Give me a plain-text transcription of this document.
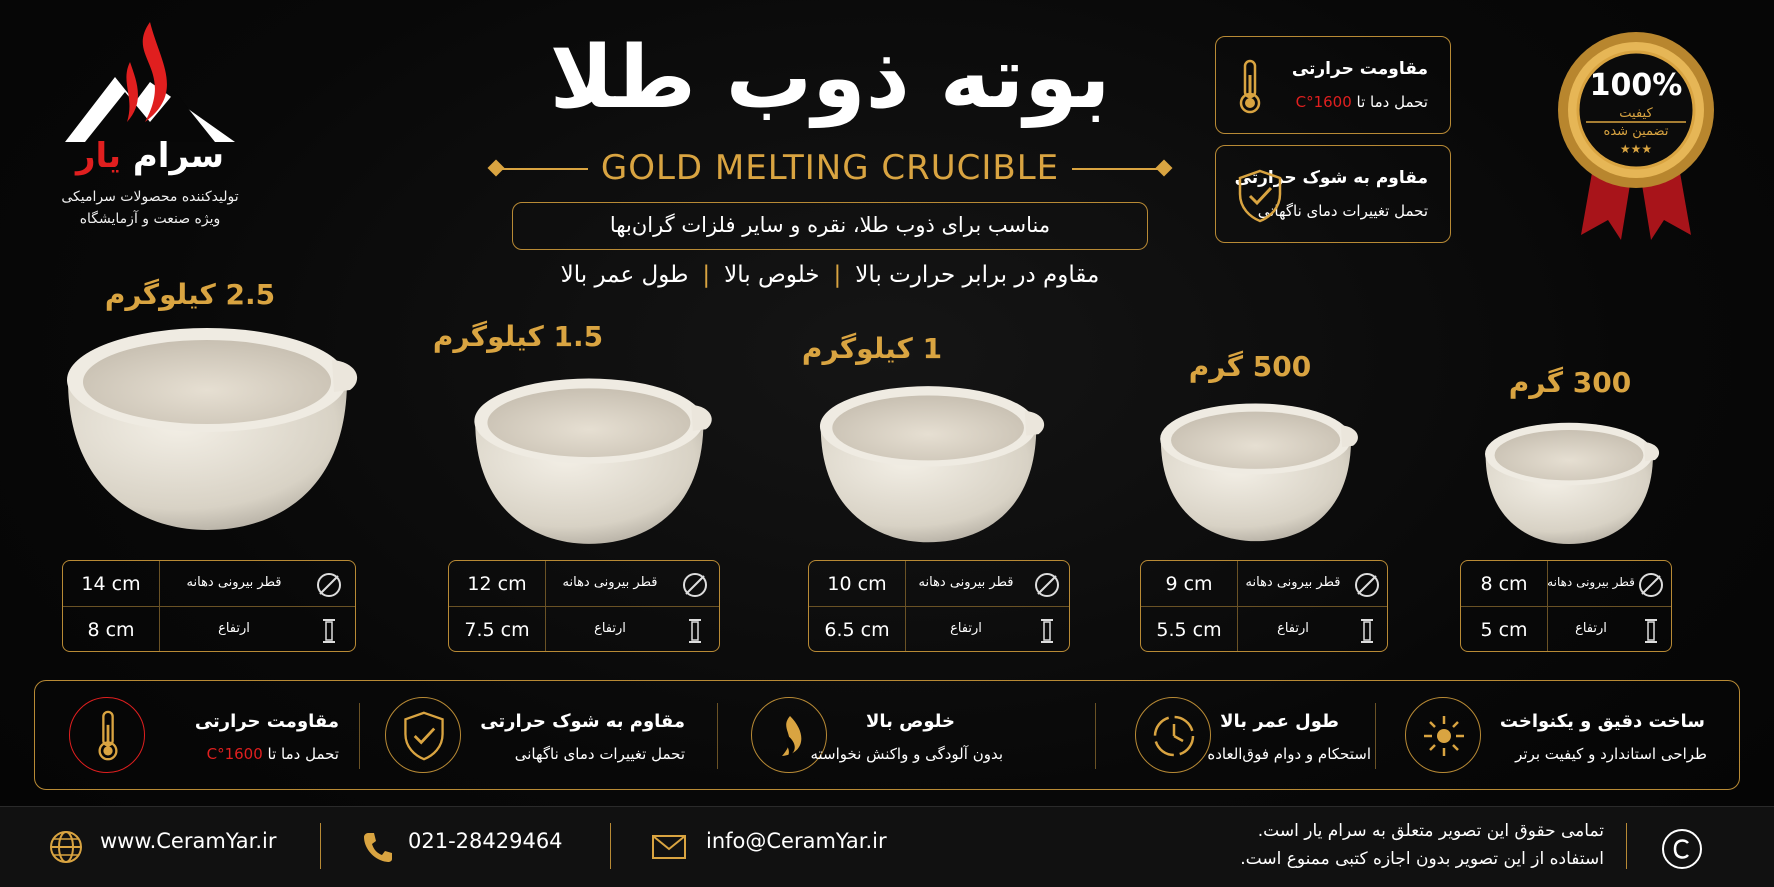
سرام یار
تولیدکننده محصولات سرامیکی
ویژه صنعت و آزمایشگاه
بوته ذوب طلا
GOLD MELTING CRUCIBLE
مناسب برای ذوب طلا، نقره و سایر فلزات گران‌بها
مقاوم در برابر حرارت بالا|خلوص بالا|طول عمر بالا
مقاومت حرارتی
تحمل دما تا 1600°C
مقاوم به شوک حرارتی
تحمل تغییرات دمای ناگهانی
100%
کیفیت
تضمین شده
★★★
2.5 کیلوگرم
14 cm	قطر بیرونی دهانه
8 cm	ارتفاع
1.5 کیلوگرم
12 cm	قطر بیرونی دهانه
7.5 cm	ارتفاع
1 کیلوگرم
10 cm	قطر بیرونی دهانه
6.5 cm	ارتفاع
500 گرم
9 cm	قطر بیرونی دهانه
5.5 cm	ارتفاع
300 گرم
8 cm	قطر بیرونی دهانه
5 cm	ارتفاع
مقاومت حرارتی
تحمل دما تا 1600°C
مقاوم به شوک حرارتی
تحمل تغییرات دمای ناگهانی
خلوص بالا
بدون آلودگی و واکنش نخواسته
طول عمر بالا
استحکام و دوام فوق‌العاده
ساخت دقیق و یکنواخت
طراحی استاندارد و کیفیت برتر
www.CeramYar.ir	021-28429464	info@CeramYar.ir	تمامی حقوق این تصویر متعلق به سرام یار است.
استفاده از این تصویر بدون اجازه کتبی ممنوع است.
